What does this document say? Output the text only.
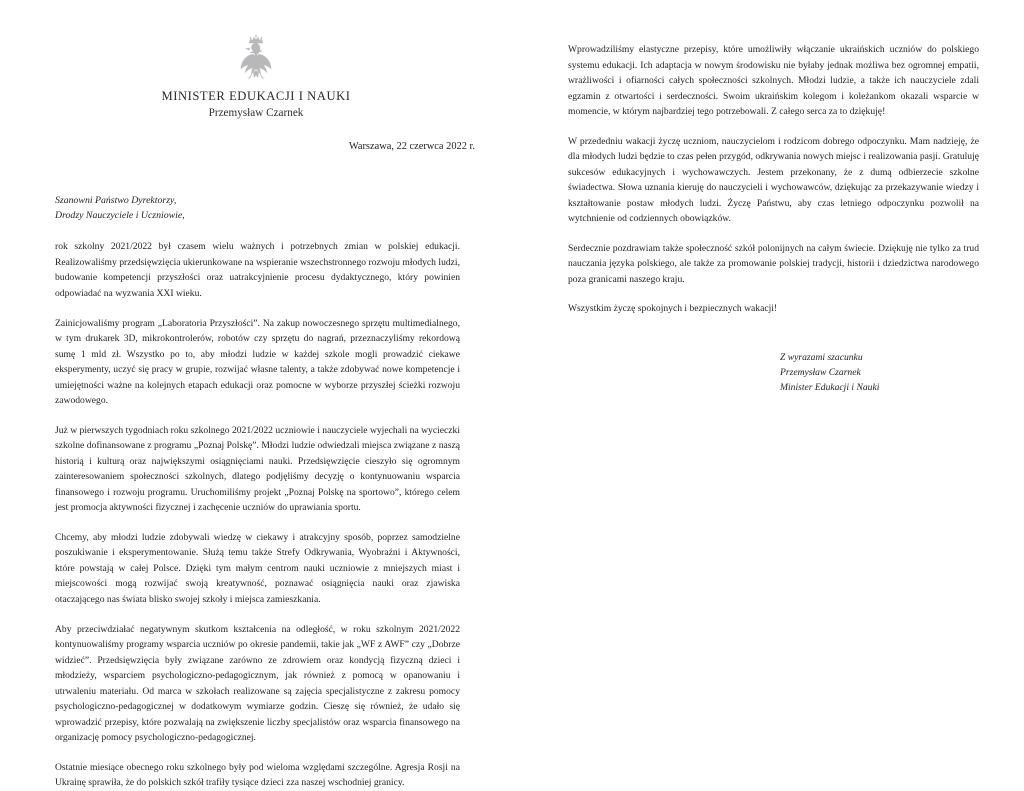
MINISTER EDUKACJI I NAUKI
Przemysław Czarnek
Warszawa, 22 czerwca 2022 r.
Szanowni Państwo Dyrektorzy,
Drodzy Nauczyciele i Uczniowie,

rok szkolny 2021/2022 był czasem wielu ważnych i potrzebnych zmian w polskiej edukacji. Realizowaliśmy przedsięwzięcia ukierunkowane na wspieranie wszechstronnego rozwoju młodych ludzi, budowanie kompetencji przyszłości oraz uatrakcyjnienie procesu dydaktycznego, który powinien odpowiadać na wyzwania XXI wieku.

Zainicjowaliśmy program „Laboratoria Przyszłości”. Na zakup nowoczesnego sprzętu multimedialnego, w tym drukarek 3D, mikrokontrolerów, robotów czy sprzętu do nagrań, przeznaczyliśmy rekordową sumę 1 mld zł. Wszystko po to, aby młodzi ludzie w każdej szkole mogli prowadzić ciekawe eksperymenty, uczyć się pracy w grupie, rozwijać własne talenty, a także zdobywać nowe kompetencje i umiejętności ważne na kolejnych etapach edukacji oraz pomocne w wyborze przyszłej ścieżki rozwoju zawodowego.

Już w pierwszych tygodniach roku szkolnego 2021/2022 uczniowie i nauczyciele wyjechali na wycieczki szkolne dofinansowane z programu „Poznaj Polskę”. Młodzi ludzie odwiedzali miejsca związane z naszą historią i kulturą oraz największymi osiągnięciami nauki. Przedsięwzięcie cieszyło się ogromnym zainteresowaniem społeczności szkolnych, dlatego podjęliśmy decyzję o kontynuowaniu wsparcia finansowego i rozwoju programu. Uruchomiliśmy projekt „Poznaj Polskę na sportowo”, którego celem jest promocja aktywności fizycznej i zachęcenie uczniów do uprawiania sportu.

Chcemy, aby młodzi ludzie zdobywali wiedzę w ciekawy i atrakcyjny sposób, poprzez samodzielne poszukiwanie i eksperymentowanie. Służą temu także Strefy Odkrywania, Wyobraźni i Aktywności, które powstają w całej Polsce. Dzięki tym małym centrom nauki uczniowie z mniejszych miast i miejscowości mogą rozwijać swoją kreatywność, poznawać osiągnięcia nauki oraz zjawiska otaczającego nas świata blisko swojej szkoły i miejsca zamieszkania.

Aby przeciwdziałać negatywnym skutkom kształcenia na odległość, w roku szkolnym 2021/2022 kontynuowaliśmy programy wsparcia uczniów po okresie pandemii, takie jak „WF z AWF” czy „Dobrze widzieć”. Przedsięwzięcia były związane zarówno ze zdrowiem oraz kondycją fizyczną dzieci i młodzieży, wsparciem psychologiczno-pedagogicznym, jak również z pomocą w opanowaniu i utrwaleniu materiału. Od marca w szkołach realizowane są zajęcia specjalistyczne z zakresu pomocy psychologiczno-pedagogicznej w dodatkowym wymiarze godzin. Cieszę się również, że udało się wprowadzić przepisy, które pozwalają na zwiększenie liczby specjalistów oraz wsparcia finansowego na organizację pomocy psychologiczno-pedagogicznej.

Ostatnie miesiące obecnego roku szkolnego były pod wieloma względami szczególne. Agresja Rosji na Ukrainę sprawiła, że do polskich szkół trafiły tysiące dzieci zza naszej wschodniej granicy.

Wprowadziliśmy elastyczne przepisy, które umożliwiły włączanie ukraińskich uczniów do polskiego systemu edukacji. Ich adaptacja w nowym środowisku nie byłaby jednak możliwa bez ogromnej empatii, wrażliwości i ofiarności całych społeczności szkolnych. Młodzi ludzie, a także ich nauczyciele zdali egzamin z otwartości i serdeczności. Swoim ukraińskim kolegom i koleżankom okazali wsparcie w momencie, w którym najbardziej tego potrzebowali. Z całego serca za to dziękuję!

W przededniu wakacji życzę uczniom, nauczycielom i rodzicom dobrego odpoczynku. Mam nadzieję, że dla młodych ludzi będzie to czas pełen przygód, odkrywania nowych miejsc i realizowania pasji. Gratuluję sukcesów edukacyjnych i wychowawczych. Jestem przekonany, że z dumą odbierzecie szkolne świadectwa. Słowa uznania kieruję do nauczycieli i wychowawców, dziękując za przekazywanie wiedzy i kształtowanie postaw młodych ludzi. Życzę Państwu, aby czas letniego odpoczynku pozwolił na wytchnienie od codziennych obowiązków.

Serdecznie pozdrawiam także społeczność szkół polonijnych na całym świecie. Dziękuję nie tylko za trud nauczania języka polskiego, ale także za promowanie polskiej tradycji, historii i dziedzictwa narodowego poza granicami naszego kraju.

Wszystkim życzę spokojnych i bezpiecznych wakacji!

Z wyrazami szacunku
Przemysław Czarnek
Minister Edukacji i Nauki
